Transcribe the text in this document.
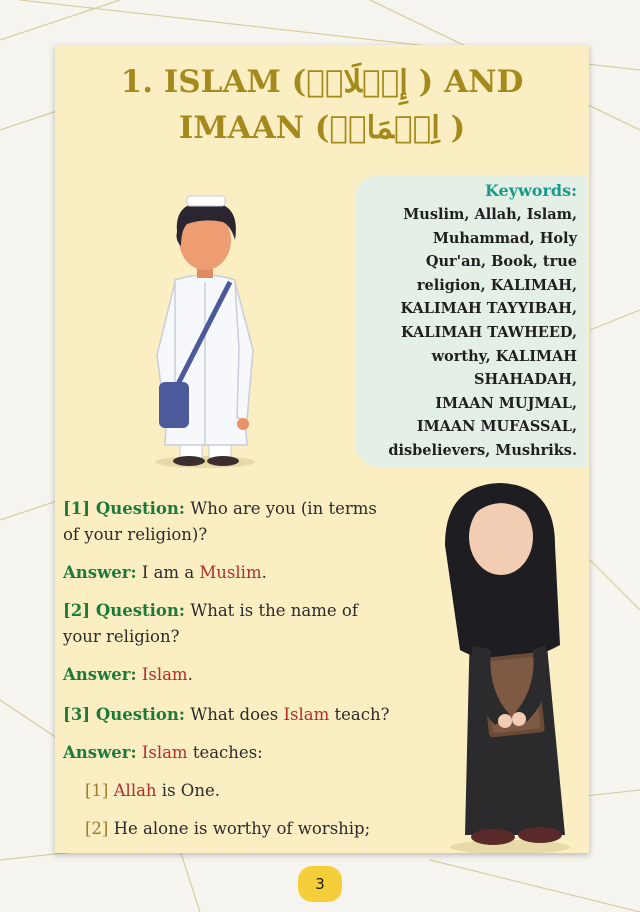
1. ISLAM (إِسۡلَامۡ ) AND
IMAAN (اِیۡمَانۡ )
Keywords:
Muslim, Allah, Islam,
Muhammad, Holy
Qur'an, Book, true
religion, KALIMAH,
KALIMAH TAYYIBAH,
KALIMAH TAWHEED,
worthy, KALIMAH
SHAHADAH,
IMAAN MUJMAL,
IMAAN MUFASSAL,
disbelievers, Mushriks.
[1] Question: Who are you (in terms
of your religion)?
Answer: I am a Muslim.
[2] Question: What is the name of
your religion?
Answer: Islam.
[3] Question: What does Islam teach?
Answer: Islam teaches:
[1] Allah is One.
[2] He alone is worthy of worship;
3
